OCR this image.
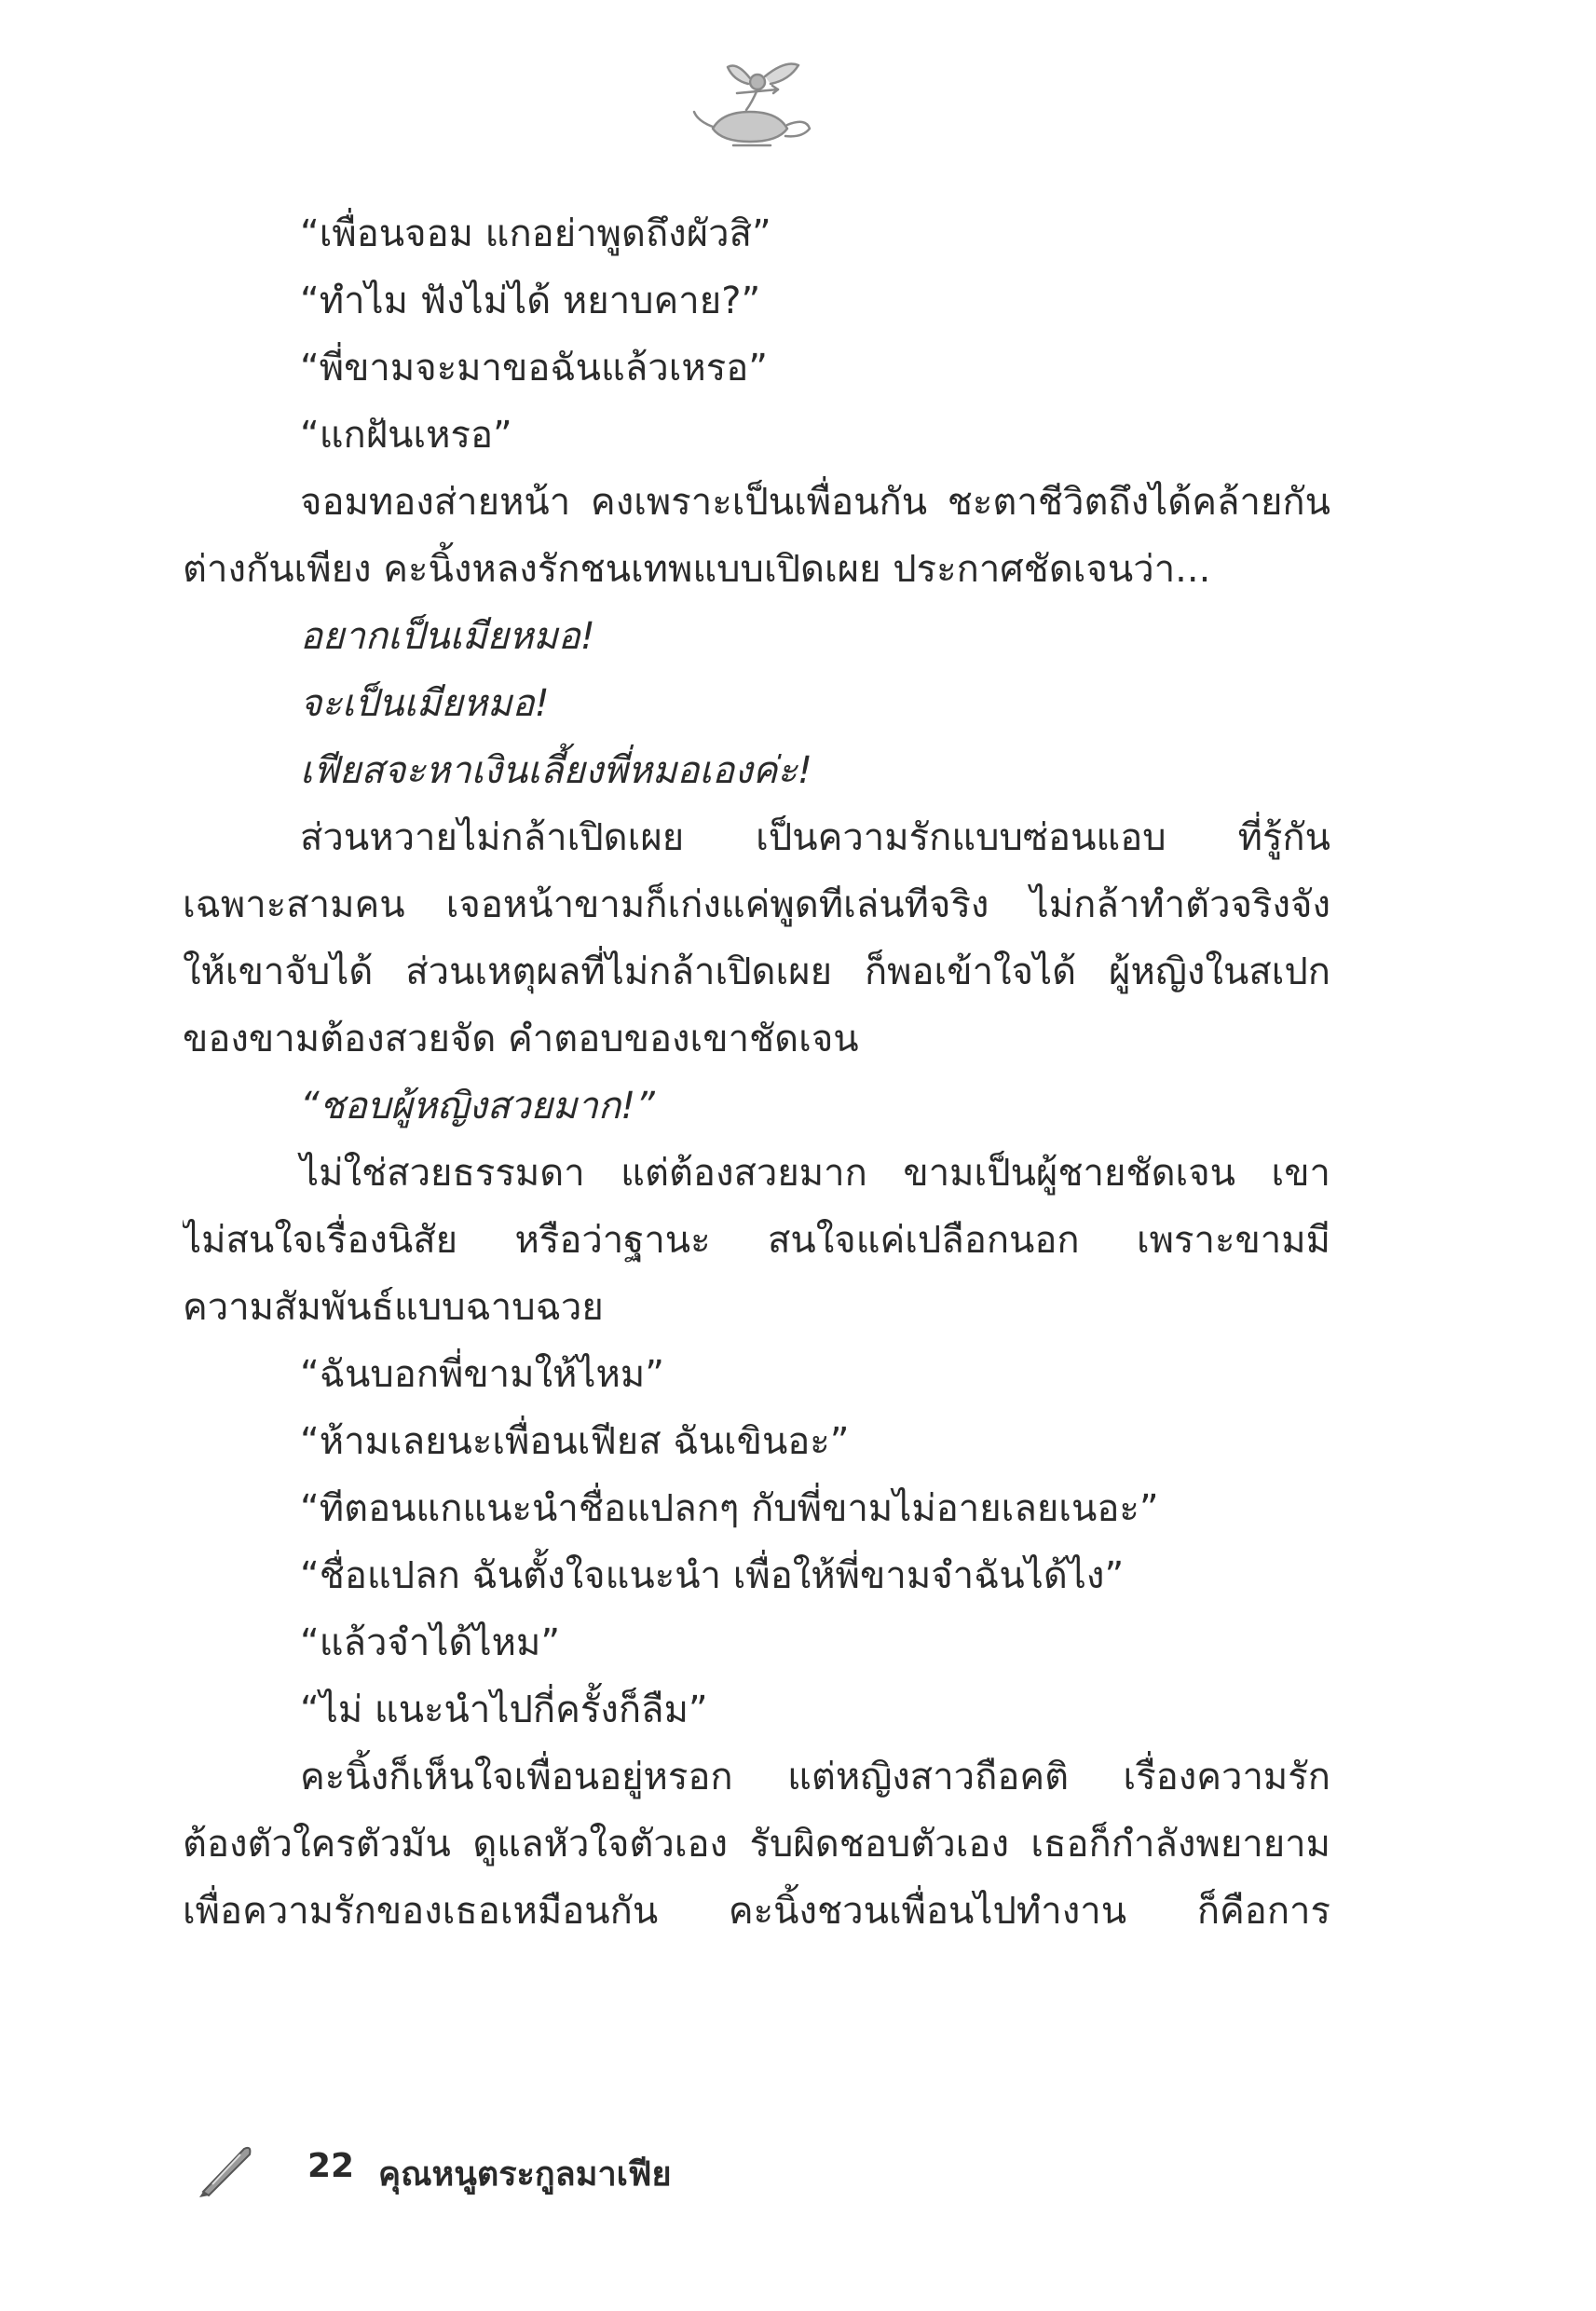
“เพื่อนจอม แกอย่าพูดถึงผัวสิ”
“ทำไม ฟังไม่ได้ หยาบคาย?”
“พี่ขามจะมาขอฉันแล้วเหรอ”
“แกฝันเหรอ”
จอมทองส่ายหน้า คงเพราะเป็นเพื่อนกัน ชะตาชีวิตถึงได้คล้ายกัน
ต่างกันเพียง คะนิ้งหลงรักชนเทพแบบเปิดเผย ประกาศชัดเจนว่า...
อยากเป็นเมียหมอ!
จะเป็นเมียหมอ!
เฟียสจะหาเงินเลี้ยงพี่หมอเองค่ะ!
ส่วนหวายไม่กล้าเปิดเผย เป็นความรักแบบซ่อนแอบ ที่รู้กัน
เฉพาะสามคน เจอหน้าขามก็เก่งแค่พูดทีเล่นทีจริง ไม่กล้าทำตัวจริงจัง
ให้เขาจับได้ ส่วนเหตุผลที่ไม่กล้าเปิดเผย ก็พอเข้าใจได้ ผู้หญิงในสเปก
ของขามต้องสวยจัด คำตอบของเขาชัดเจน
“ชอบผู้หญิงสวยมาก!”
ไม่ใช่สวยธรรมดา แต่ต้องสวยมาก ขามเป็นผู้ชายชัดเจน เขา
ไม่สนใจเรื่องนิสัย หรือว่าฐานะ สนใจแค่เปลือกนอก เพราะขามมี
ความสัมพันธ์แบบฉาบฉวย
“ฉันบอกพี่ขามให้ไหม”
“ห้ามเลยนะเพื่อนเฟียส ฉันเขินอะ”
“ทีตอนแกแนะนำชื่อแปลกๆ กับพี่ขามไม่อายเลยเนอะ”
“ชื่อแปลก ฉันตั้งใจแนะนำ เพื่อให้พี่ขามจำฉันได้ไง”
“แล้วจำได้ไหม”
“ไม่ แนะนำไปกี่ครั้งก็ลืม”
คะนิ้งก็เห็นใจเพื่อนอยู่หรอก แต่หญิงสาวถือคติ เรื่องความรัก
ต้องตัวใครตัวมัน ดูแลหัวใจตัวเอง รับผิดชอบตัวเอง เธอก็กำลังพยายาม
เพื่อความรักของเธอเหมือนกัน คะนิ้งชวนเพื่อนไปทำงาน ก็คือการ
22 คุณหนูตระกูลมาเฟีย
